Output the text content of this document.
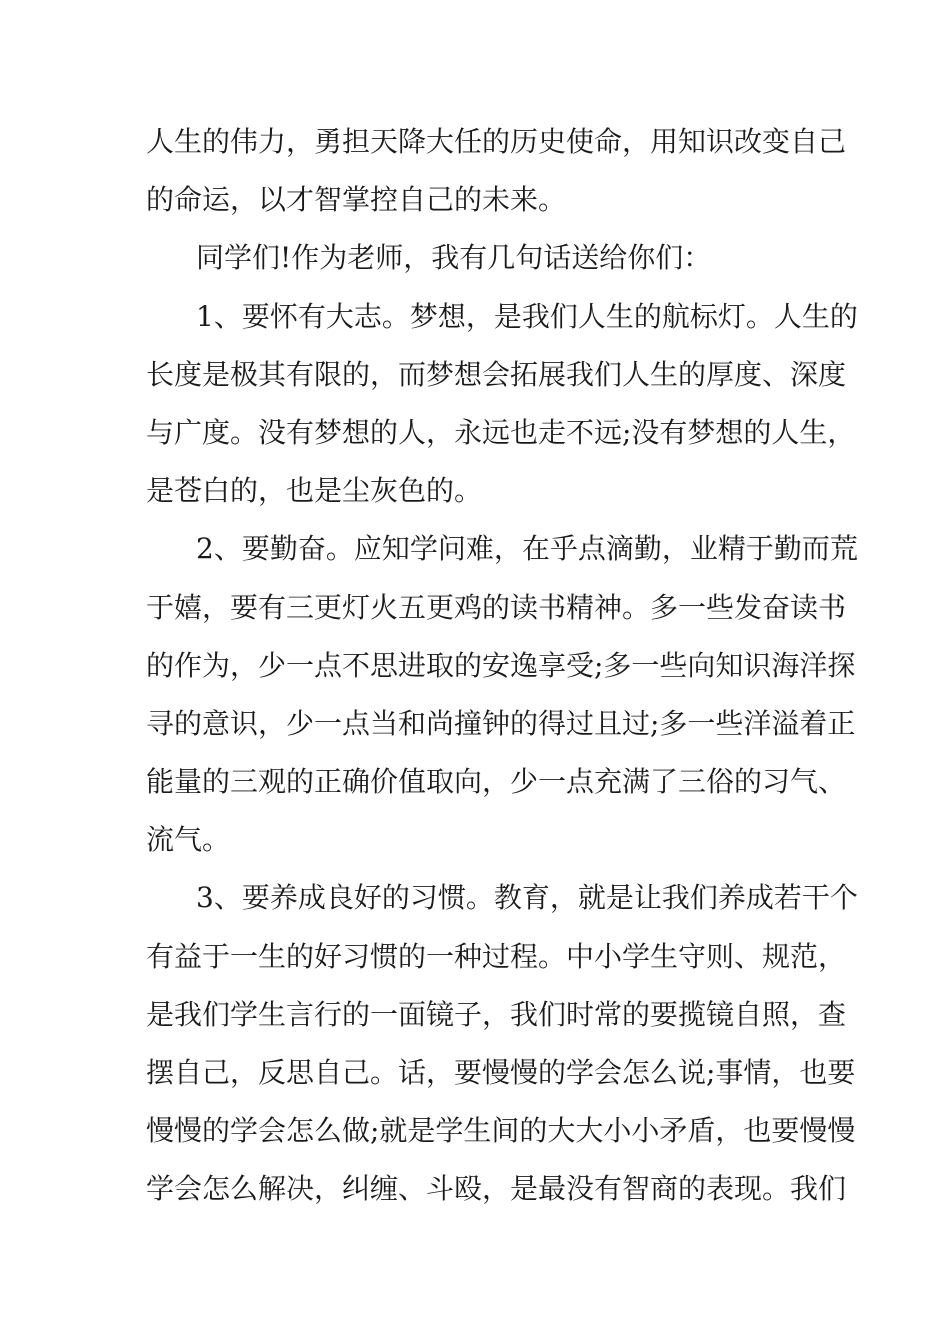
人生的伟力，勇担天降大任的历史使命，用知识改变自己
的命运，以才智掌控自己的未来。
同学们!作为老师，我有几句话送给你们：
1、要怀有大志。梦想，是我们人生的航标灯。人生的
长度是极其有限的，而梦想会拓展我们人生的厚度、深度
与广度。没有梦想的人，永远也走不远;没有梦想的人生，
是苍白的，也是尘灰色的。
2、要勤奋。应知学问难，在乎点滴勤，业精于勤而荒
于嬉，要有三更灯火五更鸡的读书精神。多一些发奋读书
的作为，少一点不思进取的安逸享受;多一些向知识海洋探
寻的意识，少一点当和尚撞钟的得过且过;多一些洋溢着正
能量的三观的正确价值取向，少一点充满了三俗的习气、
流气。
3、要养成良好的习惯。教育，就是让我们养成若干个
有益于一生的好习惯的一种过程。中小学生守则、规范，
是我们学生言行的一面镜子，我们时常的要揽镜自照，查
摆自己，反思自己。话，要慢慢的学会怎么说;事情，也要
慢慢的学会怎么做;就是学生间的大大小小矛盾，也要慢慢
学会怎么解决，纠缠、斗殴，是最没有智商的表现。我们
